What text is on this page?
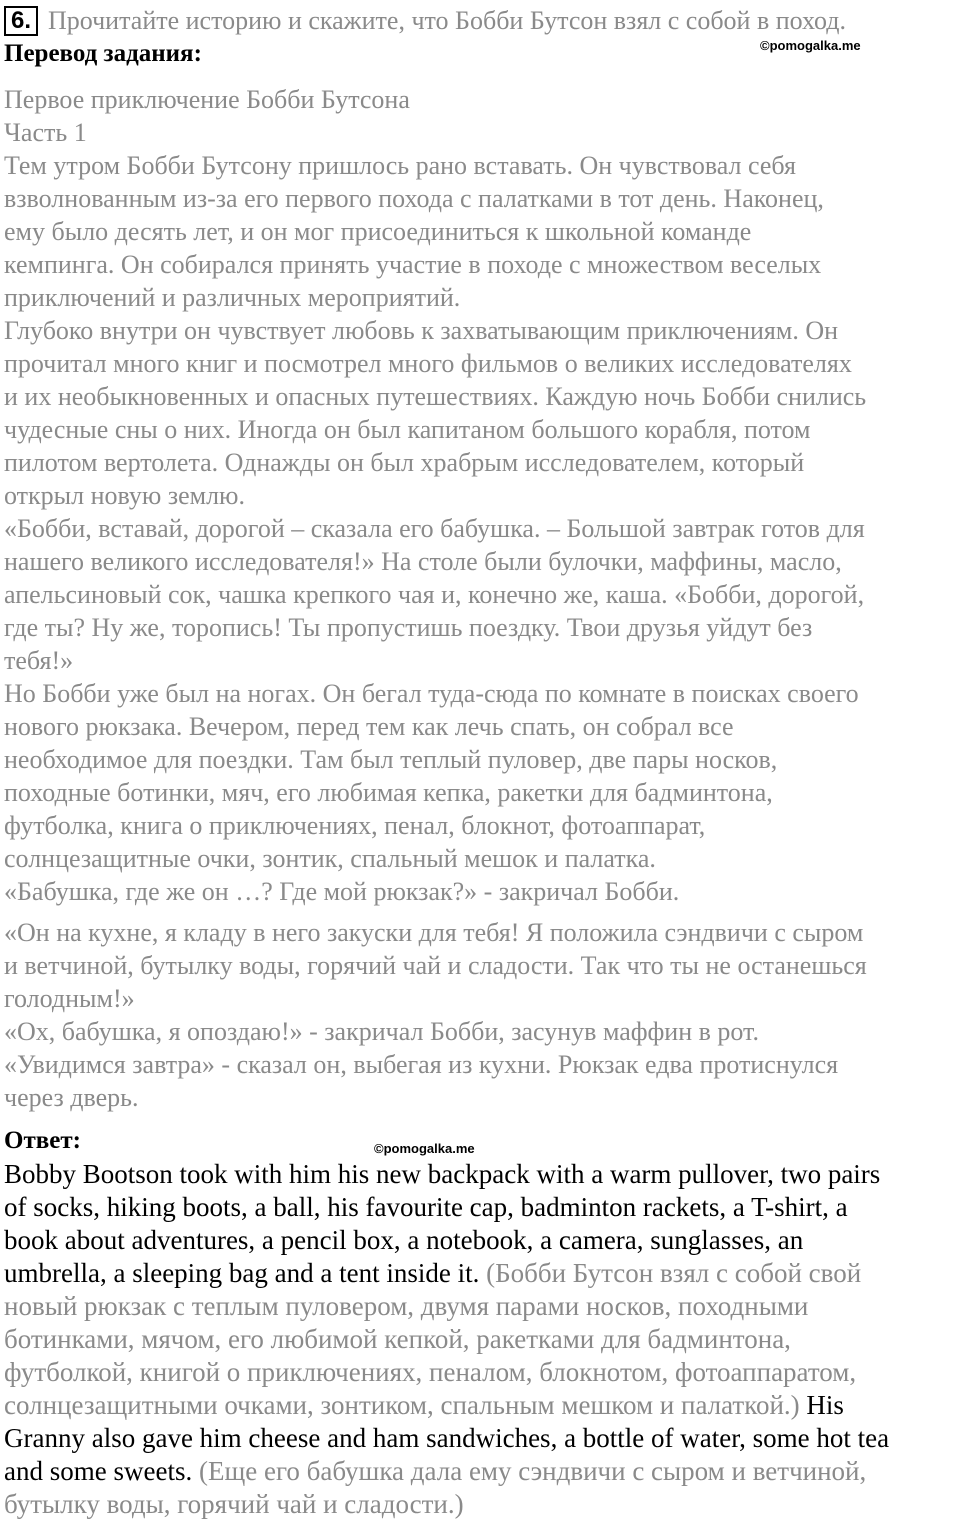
6. Прочитайте историю и скажите, что Бобби Бутсон взял с собой в поход.
Перевод задания:	©pomogalka.me
Первое приключение Бобби Бутсона
Часть 1
Тем утром Бобби Бутсону пришлось рано вставать. Он чувствовал себя
взволнованным из-за его первого похода с палатками в тот день. Наконец,
ему было десять лет, и он мог присоединиться к школьной команде
кемпинга. Он собирался принять участие в походе с множеством веселых
приключений и различных мероприятий.
Глубоко внутри он чувствует любовь к захватывающим приключениям. Он
прочитал много книг и посмотрел много фильмов о великих исследователях
и их необыкновенных и опасных путешествиях. Каждую ночь Бобби снились
чудесные сны о них. Иногда он был капитаном большого корабля, потом
пилотом вертолета. Однажды он был храбрым исследователем, который
открыл новую землю.
«Бобби, вставай, дорогой – сказала его бабушка. – Большой завтрак готов для
нашего великого исследователя!» На столе были булочки, маффины, масло,
апельсиновый сок, чашка крепкого чая и, конечно же, каша. «Бобби, дорогой,
где ты? Ну же, торопись! Ты пропустишь поездку. Твои друзья уйдут без
тебя!»
Но Бобби уже был на ногах. Он бегал туда-сюда по комнате в поисках своего
нового рюкзака. Вечером, перед тем как лечь спать, он собрал все
необходимое для поездки. Там был теплый пуловер, две пары носков,
походные ботинки, мяч, его любимая кепка, ракетки для бадминтона,
футболка, книга о приключениях, пенал, блокнот, фотоаппарат,
солнцезащитные очки, зонтик, спальный мешок и палатка.
«Бабушка, где же он …? Где мой рюкзак?» - закричал Бобби.
«Он на кухне, я кладу в него закуски для тебя! Я положила сэндвичи с сыром
и ветчиной, бутылку воды, горячий чай и сладости. Так что ты не останешься
голодным!»
«Ох, бабушка, я опоздаю!» - закричал Бобби, засунув маффин в рот.
«Увидимся завтра» - сказал он, выбегая из кухни. Рюкзак едва протиснулся
через дверь.
Ответ:	©pomogalka.me
Bobby Bootson took with him his new backpack with a warm pullover, two pairs
of socks, hiking boots, a ball, his favourite cap, badminton rackets, a T-shirt, a
book about adventures, a pencil box, a notebook, a camera, sunglasses, an
umbrella, a sleeping bag and a tent inside it. (Бобби Бутсон взял с собой свой
новый рюкзак с теплым пуловером, двумя парами носков, походными
ботинками, мячом, его любимой кепкой, ракетками для бадминтона,
футболкой, книгой о приключениях, пеналом, блокнотом, фотоаппаратом,
солнцезащитными очками, зонтиком, спальным мешком и палаткой.) His
Granny also gave him cheese and ham sandwiches, a bottle of water, some hot tea
and some sweets. (Еще его бабушка дала ему сэндвичи с сыром и ветчиной,
бутылку воды, горячий чай и сладости.)
